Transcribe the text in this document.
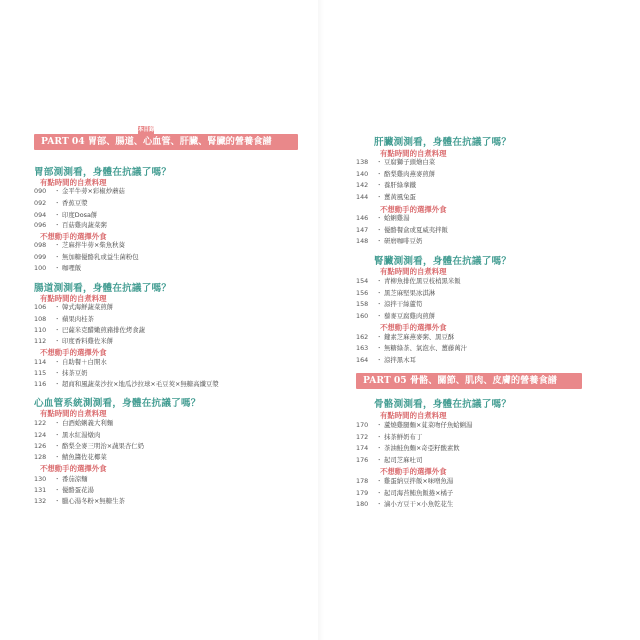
本目錄
PART 04 胃部、腸道、心血管、肝臟、腎臟的營養食譜
胃部測測看，身體在抗議了嗎？
有點時間的自煮料理
090 ・ 金平牛蒡×彩椒炒蘑菇
092 ・ 香蕉豆漿
094 ・ 印度Dosa餅
096 ・ 百菇雞肉蔬菜粥
不想動手的選擇外食
098 ・ 芝麻拌牛蒡×柴魚秋葵
099 ・ 無加糖優酪乳或益生菌粉包
100 ・ 咖哩飯
腸道測測看，身體在抗議了嗎？
有點時間的自煮料理
106 ・ 韓式海鮮蔬菜煎餅
108 ・ 蘋果肉桂茶
110 ・ 巴薩米克醋嫩煎豬排佐烤食蔬
112 ・ 印度香料雞佐米餅
不想動手的選擇外食
114 ・ 自助餐＋白開水
115 ・ 抹茶豆奶
116 ・ 超商和風蔬菜沙拉×地瓜沙拉球×毛豆莢×無糖高纖豆漿
心血管系統測測看，身體在抗議了嗎？
有點時間的自煮料理
122 ・ 白酒蛤蜊義大利麵
124 ・ 黑水紅湯燉肉
126 ・ 酪梨全麥三明治×蔬果杏仁奶
128 ・ 鯖魚醬佐花椰菜
不想動手的選擇外食
130 ・ 番茄涼麵
131 ・ 優酪蛋花湯
132 ・ 臘心湯冬粉×無糖生茶
肝臟測測看，身體在抗議了嗎？
有點時間的自煮料理
138 ・ 豆腐獅子頭燴白菜
140 ・ 酪梨雞肉燕麥煎餅
142 ・ 養肝綠拿鐵
144 ・ 薑黃風兔蛋
不想動手的選擇外食
146 ・ 蛤蜊雞湯
147 ・ 優酪餐盒或夏威夷拌飯
148 ・ 研磨咖啡豆奶
腎臟測測看，身體在抗議了嗎？
有點時間的自煮料理
154 ・ 青柳魚排佐黑豆枝梢黑米飯
156 ・ 黑芝麻堅果冰淇淋
158 ・ 涼拌干絲蘆筍
160 ・ 藜麥豆腐雞肉煎餅
不想動手的選擇外食
162 ・ 鍵素芝麻燕麥粥、黑豆酥
163 ・ 無糖綠茶、氣泡水、薑藤萬汁
164 ・ 涼拌黑木耳
PART 05 骨骼、關節、肌肉、皮膚的營養食譜
骨骼測測看，身體在抗議了嗎？
有點時間的自煮料理
170 ・ 蘆燒雞腿麵×莧菜吻仔魚蛤蜊湯
172 ・ 抹茶鮮奶布丁
174 ・ 茶油鮭魚麵×奇亞籽酸素飲
176 ・ 起司芝麻吐司
不想動手的選擇外食
178 ・ 雞蛋納豆拌飯×味噌魚湯
179 ・ 起司海苔鮪魚飯捲×橘子
180 ・ 滷小方豆干×小魚乾花生
